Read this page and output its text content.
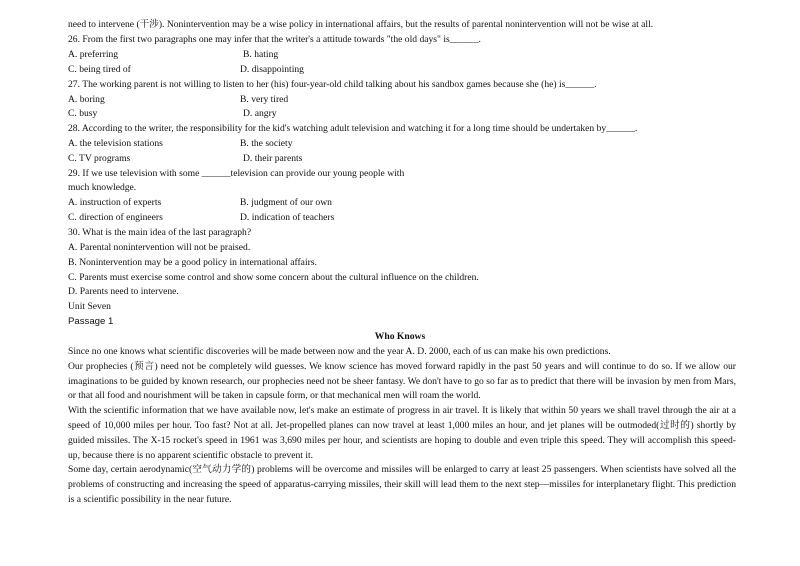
need to intervene (干涉). Nonintervention may be a wise policy in international affairs, but the results of parental nonintervention will not be wise at all.
26. From the first two paragraphs one may infer that the writer's a attitude towards "the old days" is______.
A. preferring	B. hating
C. being tired of	D. disappointing
27. The working parent is not willing to listen to her (his) four-year-old child talking about his sandbox games because she (he) is______.
A. boring	B. very tired
C. busy	D. angry
28. According to the writer, the responsibility for the kid's watching adult television and watching it for a long time should be undertaken by______.
A. the television stations	B. the society
C. TV programs	D. their parents
29. If we use television with some ______television can provide our young people with
much knowledge.
A. instruction of experts	B. judgment of our own
C. direction of engineers	D. indication of teachers
30. What is the main idea of the last paragraph?
A. Parental nonintervention will not be praised.
B. Nonintervention may be a good policy in international affairs.
C. Parents must exercise some control and show some concern about the cultural influence on the children.
D. Parents need to intervene.
Unit Seven
Passage 1
Who Knows

Since no one knows what scientific discoveries will be made between now and the year A. D. 2000, each of us can make his own predictions.

Our prophecies (预言) need not be completely wild guesses. We know science has moved forward rapidly in the past 50 years and will continue to do so. If we allow our imaginations to be guided by known research, our prophecies need not be sheer fantasy. We don't have to go so far as to predict that there will be invasion by men from Mars, or that all food and nourishment will be taken in capsule form, or that mechanical men will roam the world.

With the scientific information that we have available now, let's make an estimate of progress in air travel. It is likely that within 50 years we shall travel through the air at a speed of 10,000 miles per hour. Too fast? Not at all. Jet-propelled planes can now travel at least 1,000 miles an hour, and jet planes will be outmoded(过时的) shortly by guided missiles. The X-15 rocket's speed in 1961 was 3,690 miles per hour, and scientists are hoping to double and even triple this speed. They will accomplish this speed-up, because there is no apparent scientific obstacle to prevent it.

Some day, certain aerodynamic(空气动力学的) problems will be overcome and missiles will be enlarged to carry at least 25 passengers. When scientists have solved all the problems of constructing and increasing the speed of apparatus-carrying missiles, their skill will lead them to the next step—missiles for interplanetary flight. This prediction is a scientific possibility in the near future.
